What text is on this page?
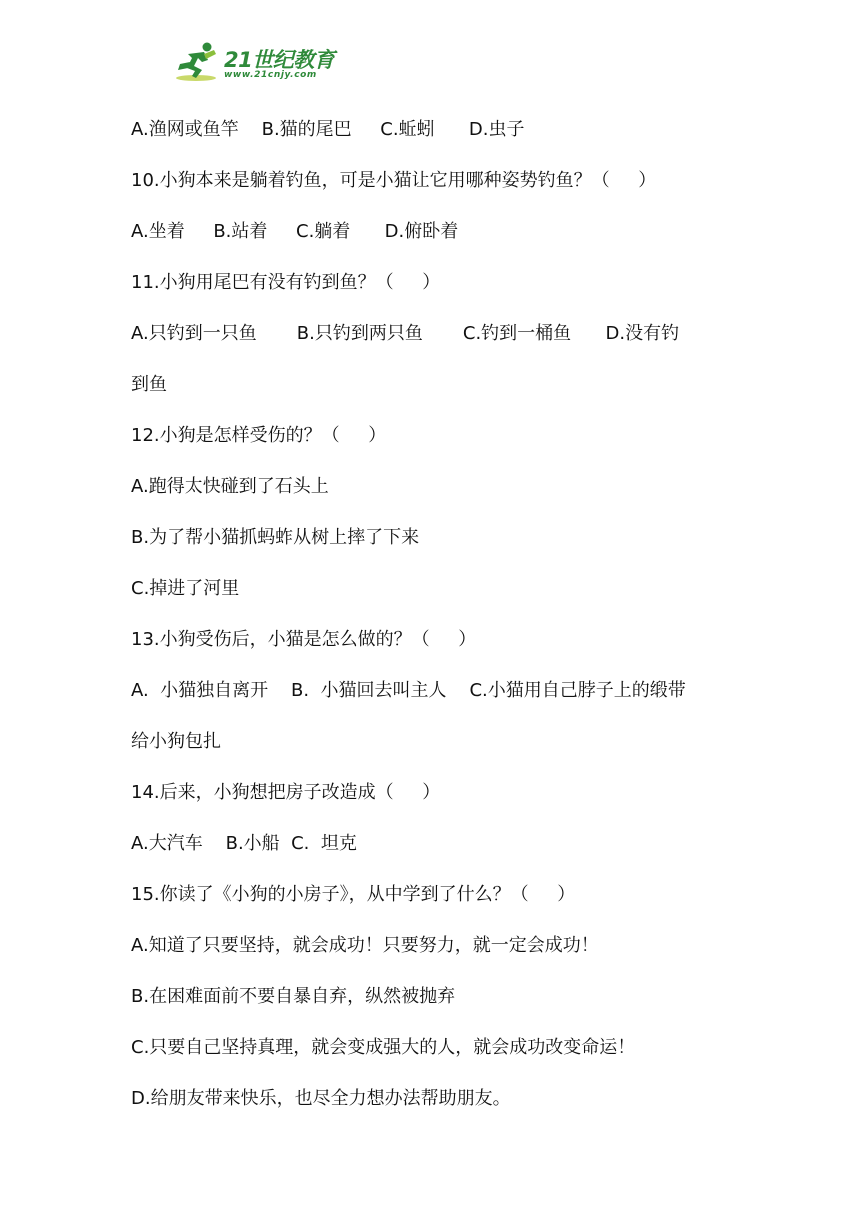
21世纪教育
www.21cnjy.com
A.渔网或鱼竿    B.猫的尾巴     C.蚯蚓      D.虫子
10.小狗本来是躺着钓鱼，可是小猫让它用哪种姿势钓鱼？（     ）
A.坐着     B.站着     C.躺着      D.俯卧着
11.小狗用尾巴有没有钓到鱼？（     ）
A.只钓到一只鱼       B.只钓到两只鱼       C.钓到一桶鱼      D.没有钓
到鱼
12.小狗是怎样受伤的？（     ）
A.跑得太快碰到了石头上
B.为了帮小猫抓蚂蚱从树上摔了下来
C.掉进了河里
13.小狗受伤后，小猫是怎么做的？（     ）
A.  小猫独自离开    B.  小猫回去叫主人    C.小猫用自己脖子上的缎带
给小狗包扎
14.后来，小狗想把房子改造成（     ）
A.大汽车    B.小船  C.  坦克
15.你读了《小狗的小房子》，从中学到了什么？（     ）
A.知道了只要坚持，就会成功！只要努力，就一定会成功！
B.在困难面前不要自暴自弃，纵然被抛弃
C.只要自己坚持真理，就会变成强大的人，就会成功改变命运！
D.给朋友带来快乐，也尽全力想办法帮助朋友。
